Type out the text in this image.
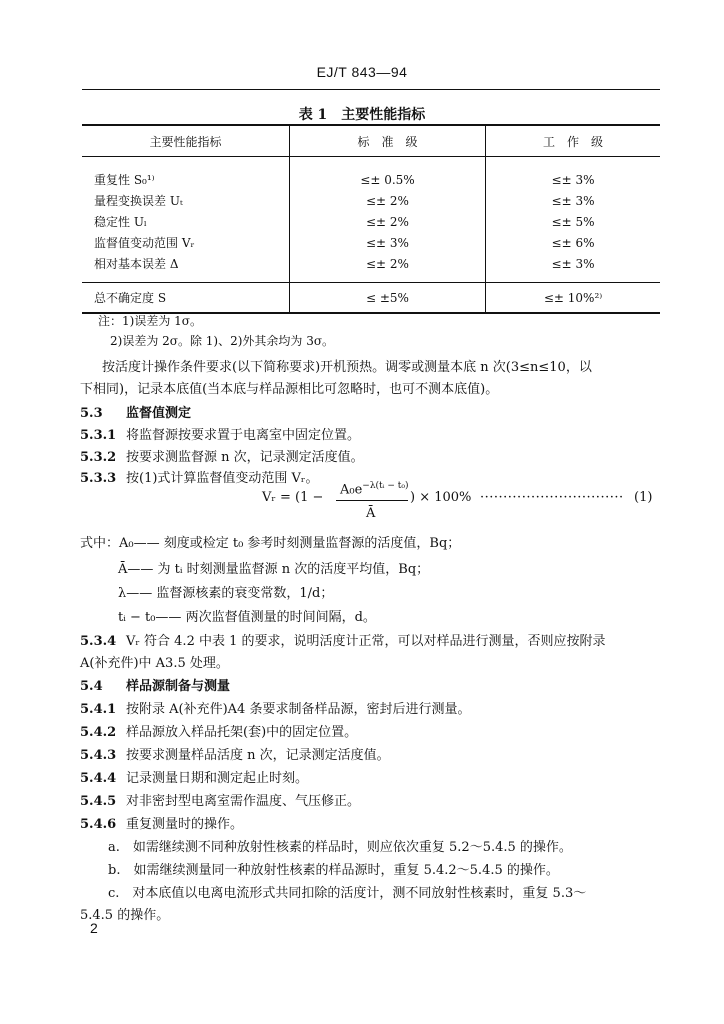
EJ/T 843—94
表 1　主要性能指标
主要性能指标	标　准　级	工　作　级
重复性 S₀¹⁾	≤± 0.5%	≤± 3%
量程变换误差 Uₜ	≤± 2%	≤± 3%
稳定性 Uₗ	≤± 2%	≤± 5%
监督值变动范围 Vᵣ	≤± 3%	≤± 6%
相对基本误差 Δ	≤± 2%	≤± 3%
总不确定度 S	≤ ±5%	≤± 10%²⁾
注：1)误差为 1σ。
2)误差为 2σ。除 1)、2)外其余均为 3σ。
按活度计操作条件要求(以下简称要求)开机预热。调零或测量本底 n 次(3≤n≤10，以
下相同)，记录本底值(当本底与样品源相比可忽略时，也可不测本底值)。
5.3 监督值测定
5.3.1 将监督源按要求置于电离室中固定位置。
5.3.2 按要求测监督源 n 次，记录测定活度值。
5.3.3 按(1)式计算监督值变动范围 Vᵣ。
Vᵣ = (1 −
$A_0e^{-\lambda(tᵢ - t_0)}$
Ā
) × 100% ······························· (1)
式中：A₀—— 刻度或检定 t₀ 参考时刻测量监督源的活度值，Bq；
Ā—— 为 tᵢ 时刻测量监督源 n 次的活度平均值，Bq；
λ—— 监督源核素的衰变常数，1/d；
tᵢ − t₀—— 两次监督值测量的时间间隔，d。
5.3.4 Vᵣ 符合 4.2 中表 1 的要求，说明活度计正常，可以对样品进行测量，否则应按附录
A(补充件)中 A3.5 处理。
5.4 样品源制备与测量
5.4.1 按附录 A(补充件)A4 条要求制备样品源，密封后进行测量。
5.4.2 样品源放入样品托架(套)中的固定位置。
5.4.3 按要求测量样品活度 n 次，记录测定活度值。
5.4.4 记录测量日期和测定起止时刻。
5.4.5 对非密封型电离室需作温度、气压修正。
5.4.6 重复测量时的操作。
a.　如需继续测不同种放射性核素的样品时，则应依次重复 5.2～5.4.5 的操作。
b.　如需继续测量同一种放射性核素的样品源时，重复 5.4.2～5.4.5 的操作。
c.　对本底值以电离电流形式共同扣除的活度计，测不同放射性核素时，重复 5.3～
5.4.5 的操作。
2
